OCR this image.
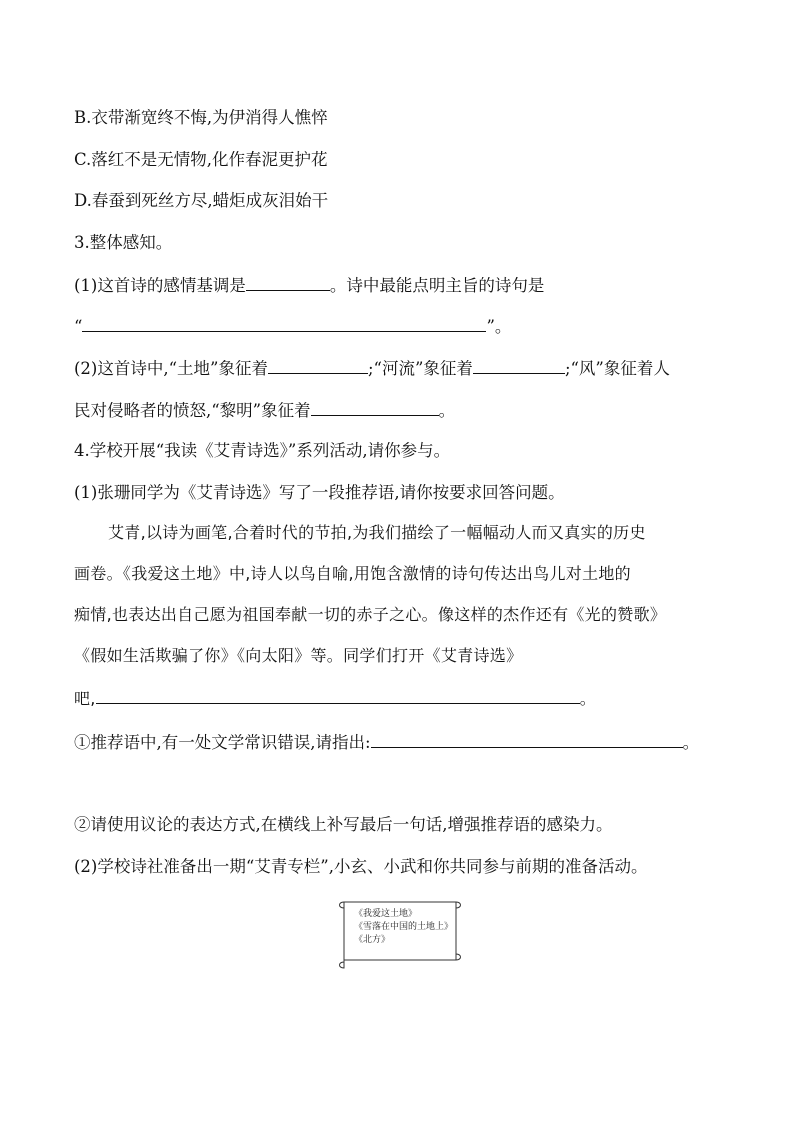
B.衣带渐宽终不悔,为伊消得人憔悴
C.落红不是无情物,化作春泥更护花
D.春蚕到死丝方尽,蜡炬成灰泪始干
3.整体感知。
(1)这首诗的感情基调是	。诗中最能点明主旨的诗句是
“	”。
(2)这首诗中,“土地”象征着	;“河流”象征着	;“风”象征着人
民对侵略者的愤怒,“黎明”象征着	。
4.学校开展“我读《艾青诗选》”系列活动,请你参与。
(1)张珊同学为《艾青诗选》写了一段推荐语,请你按要求回答问题。
艾青,以诗为画笔,合着时代的节拍,为我们描绘了一幅幅动人而又真实的历史
画卷。《我爱这土地》中,诗人以鸟自喻,用饱含激情的诗句传达出鸟儿对土地的
痴情,也表达出自己愿为祖国奉献一切的赤子之心。像这样的杰作还有《光的赞歌》
《假如生活欺骗了你》《向太阳》等。同学们打开《艾青诗选》
吧,	。
①推荐语中,有一处文学常识错误,请指出:	。
②请使用议论的表达方式,在横线上补写最后一句话,增强推荐语的感染力。
(2)学校诗社准备出一期“艾青专栏”,小玄、小武和你共同参与前期的准备活动。
《我爱这土地》
《雪落在中国的土地上》
《北方》
